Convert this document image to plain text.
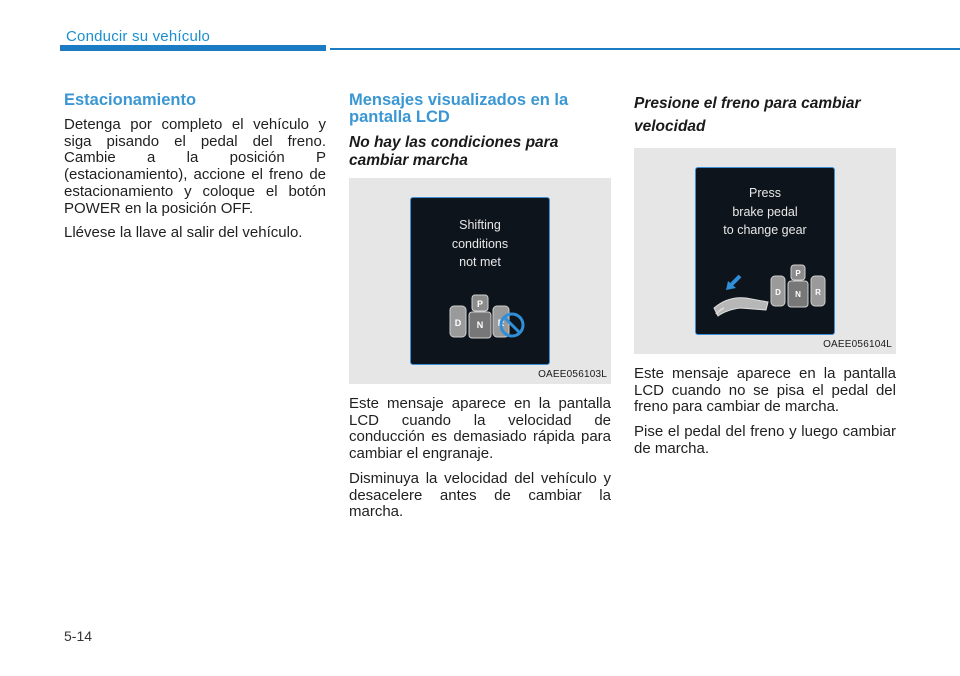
Conducir su vehículo
Estacionamiento

Detenga por completo el vehículo y siga pisando el pedal del freno. Cambie a la posición P (estacionamiento), accione el freno de estacionamiento y coloque el botón POWER en la posición OFF.

Llévese la llave al salir del vehículo.

Mensajes visualizados en la pantalla LCD
No hay las condiciones para cambiar marcha
Shifting
conditions
not met
P
D N R
OAEE056103L

Este mensaje aparece en la pantalla LCD cuando la velocidad de conducción es demasiado rápida para cambiar el engranaje.

Disminuya la velocidad del vehículo y desacelere antes de cambiar la marcha.

Presione el freno para cambiar velocidad
Press
brake pedal
to change gear
P
D N R
OAEE056104L

Este mensaje aparece en la pantalla LCD cuando no se pisa el pedal del freno para cambiar de marcha.

Pise el pedal del freno y luego cambiar de marcha.

5-14
